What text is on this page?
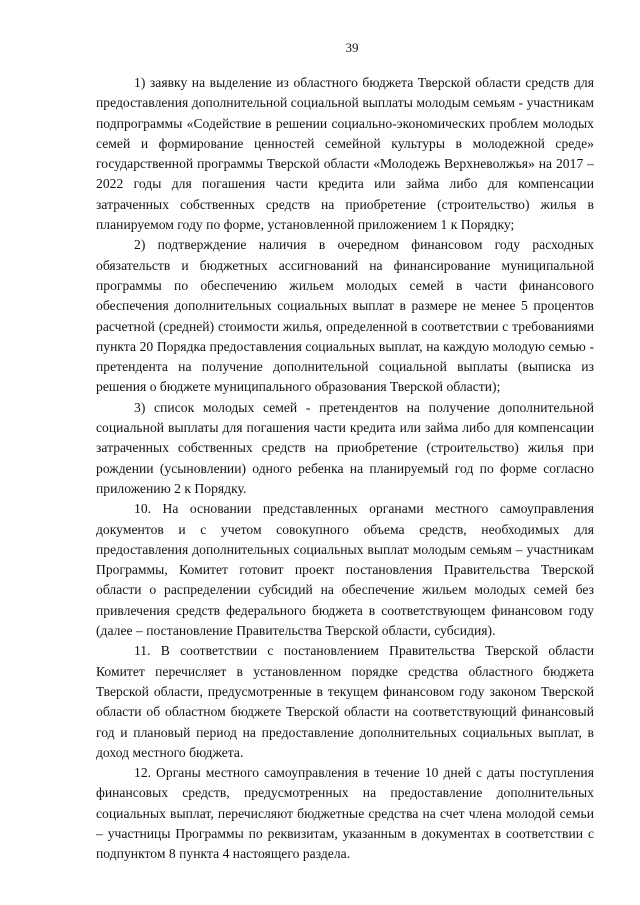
39

1) заявку на выделение из областного бюджета Тверской области средств для предоставления дополнительной социальной выплаты молодым семьям - участникам подпрограммы «Содействие в решении социально-экономических проблем молодых семей и формирование ценностей семейной культуры в молодежной среде» государственной программы Тверской области «Молодежь Верхневолжья» на 2017 – 2022 годы для погашения части кредита или займа либо для компенсации затраченных собственных средств на приобретение (строительство) жилья в планируемом году по форме, установленной приложением 1 к Порядку;

2) подтверждение наличия в очередном финансовом году расходных обязательств и бюджетных ассигнований на финансирование муниципальной программы по обеспечению жильем молодых семей в части финансового обеспечения дополнительных социальных выплат в размере не менее 5 процентов расчетной (средней) стоимости жилья, определенной в соответствии с требованиями пункта 20 Порядка предоставления социальных выплат, на каждую молодую семью - претендента на получение дополнительной социальной выплаты (выписка из решения о бюджете муниципального образования Тверской области);

3) список молодых семей - претендентов на получение дополнительной социальной выплаты для погашения части кредита или займа либо для компенсации затраченных собственных средств на приобретение (строительство) жилья при рождении (усыновлении) одного ребенка на планируемый год по форме согласно приложению 2 к Порядку.

10. На основании представленных органами местного самоуправления документов и с учетом совокупного объема средств, необходимых для предоставления дополнительных социальных выплат молодым семьям – участникам Программы, Комитет готовит проект постановления Правительства Тверской области о распределении субсидий на обеспечение жильем молодых семей без привлечения средств федерального бюджета в соответствующем финансовом году (далее – постановление Правительства Тверской области, субсидия).

11. В соответствии с постановлением Правительства Тверской области Комитет перечисляет в установленном порядке средства областного бюджета Тверской области, предусмотренные в текущем финансовом году законом Тверской области об областном бюджете Тверской области на соответствующий финансовый год и плановый период на предоставление дополнительных социальных выплат, в доход местного бюджета.

12. Органы местного самоуправления в течение 10 дней с даты поступления финансовых средств, предусмотренных на предоставление дополнительных социальных выплат, перечисляют бюджетные средства на счет члена молодой семьи – участницы Программы по реквизитам, указанным в документах в соответствии с подпунктом 8 пункта 4 настоящего раздела.
